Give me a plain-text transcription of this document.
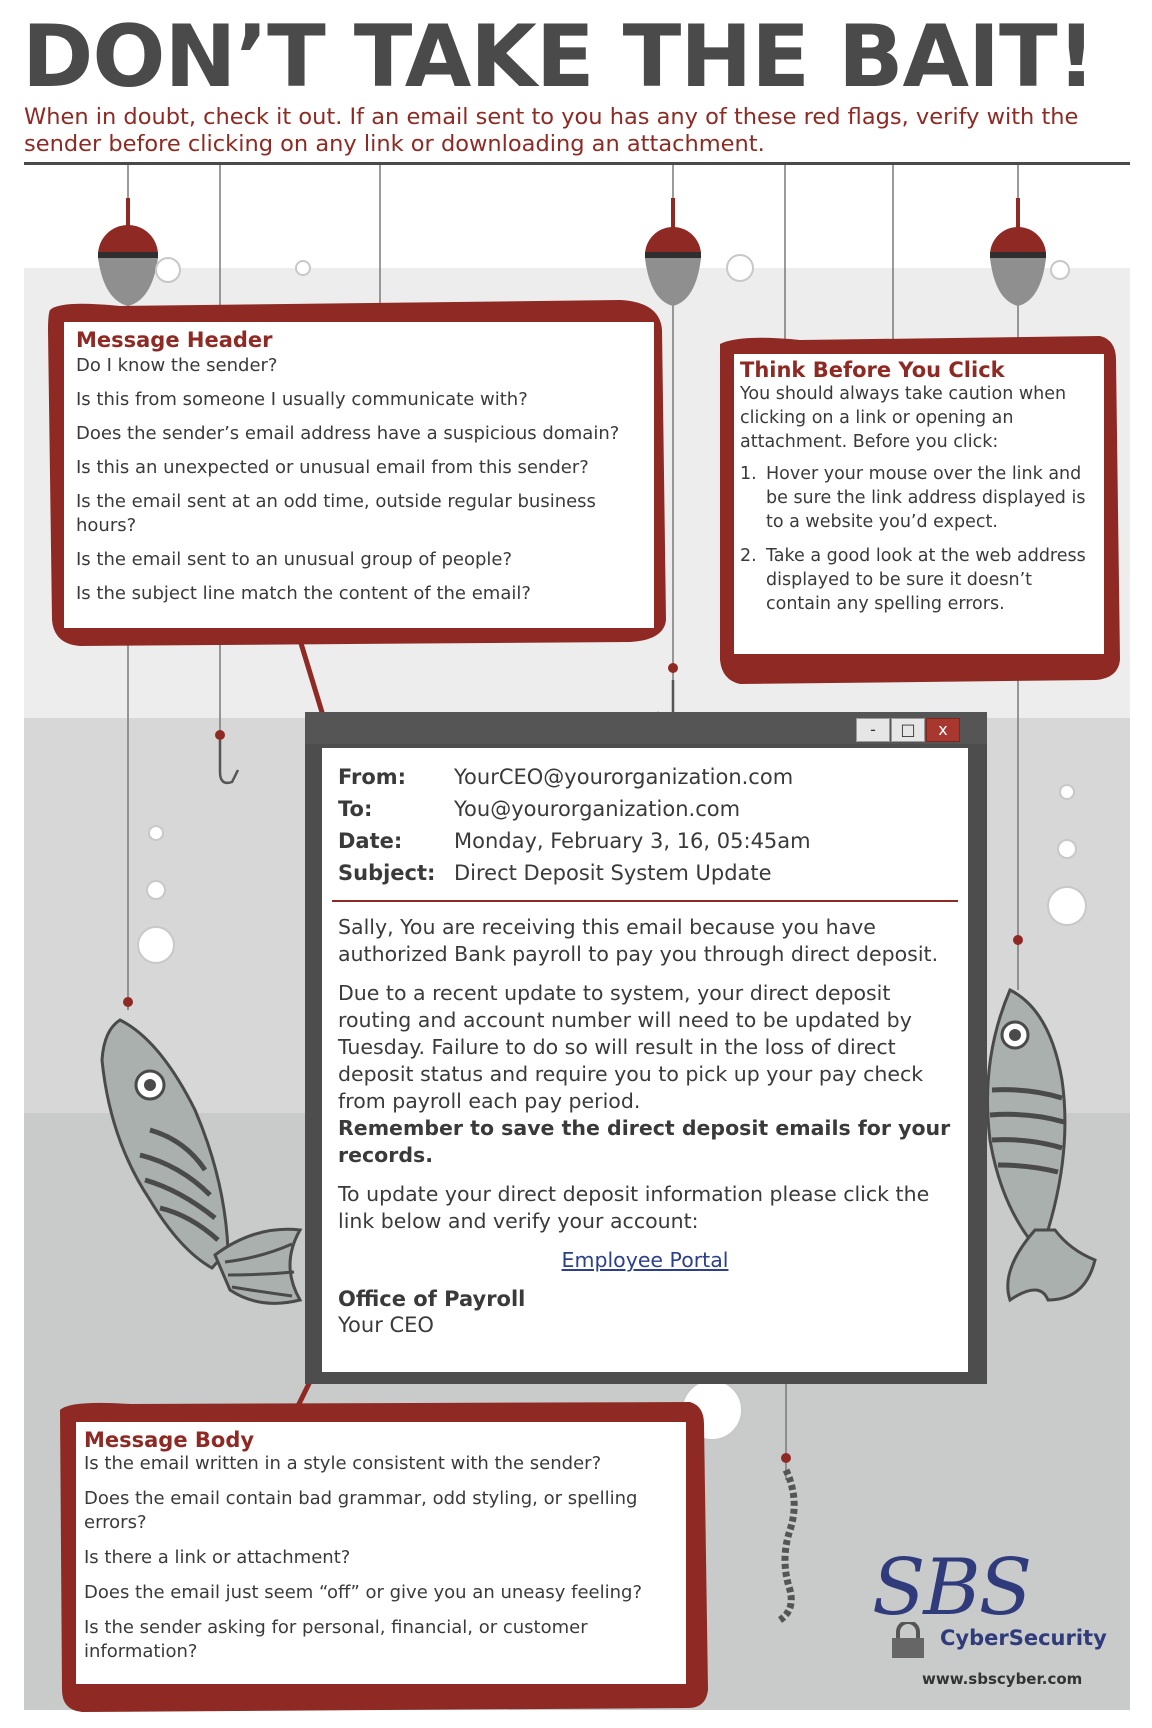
DON’T TAKE THE BAIT!

When in doubt, check it out. If an email sent to you has any of these red flags, verify with the sender before clicking on any link or downloading an attachment.

-	□	x
Message Header

Do I know the sender?

Is this from someone I usually communicate with?

Does the sender’s email address have a suspicious domain?

Is this an unexpected or unusual email from this sender?

Is the email sent at an odd time, outside regular business hours?

Is the email sent to an unusual group of people?

Is the subject line match the content of the email?

Think Before You Click

You should always take caution when clicking on a link or opening an attachment. Before you click:

1. Hover your mouse over the link and be sure the link address displayed is to a website you’d expect.
2. Take a good look at the web address displayed to be sure it doesn’t contain any spelling errors.
From:	YourCEO@yourorganization.com
To:	You@yourorganization.com
Date:	Monday, February 3, 16, 05:45am
Subject: Direct Deposit System Update

Sally, You are receiving this email because you have authorized Bank payroll to pay you through direct deposit.

Due to a recent update to system, your direct deposit routing and account number will need to be updated by Tuesday. Failure to do so will result in the loss of direct deposit status and require you to pick up your pay check from payroll each pay period.

Remember to save the direct deposit emails for your records.

To update your direct deposit information please click the link below and verify your account:

Employee Portal
Office of Payroll
Your CEO
Message Body

Is the email written in a style consistent with the sender?

Does the email contain bad grammar, odd styling, or spelling errors?

Is there a link or attachment?

Does the email just seem “off” or give you an uneasy feeling?

Is the sender asking for personal, financial, or customer information?

SBS
CyberSecurity
www.sbscyber.com
